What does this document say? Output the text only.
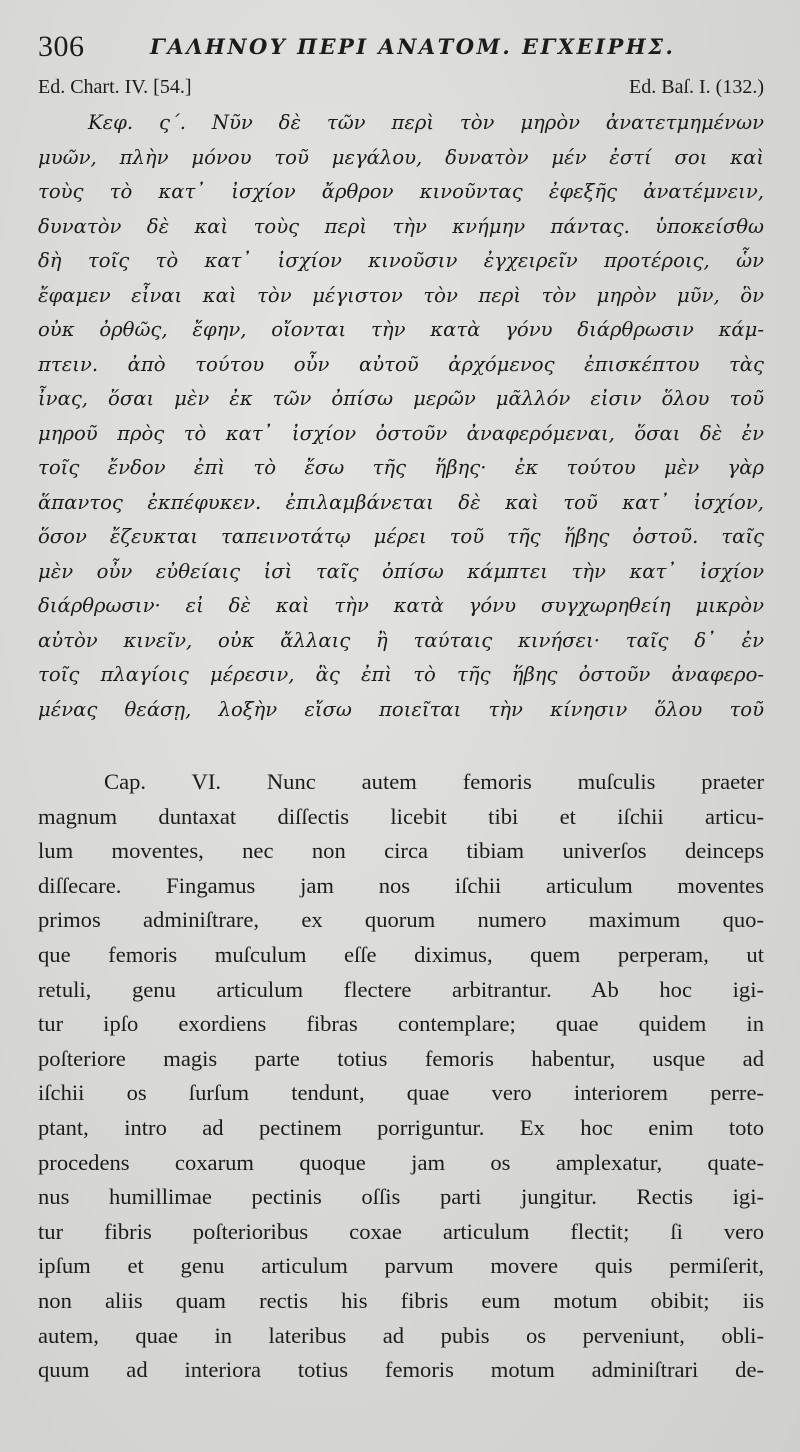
306	ΓΑΛΗΝΟΥ ΠΕΡΙ ΑΝΑΤΟΜ. ΕΓΧΕΙΡΗΣ.
Ed. Chart. IV. [54.]	Ed. Baſ. I. (132.)
Κεφ. ς΄. Νῦν δὲ τῶν περὶ τὸν μηρὸν ἀνατετμημένων
μυῶν, πλὴν μόνου τοῦ μεγάλου, δυνατὸν μέν ἐστί σοι καὶ
τοὺς τὸ κατ᾽ ἰσχίον ἄρθρον κινοῦντας ἐφεξῆς ἀνατέμνειν,
δυνατὸν δὲ καὶ τοὺς περὶ τὴν κνήμην πάντας. ὑποκείσθω
δὴ τοῖς τὸ κατ᾽ ἰσχίον κινοῦσιν ἐγχειρεῖν προτέροις, ὧν
ἔφαμεν εἶναι καὶ τὸν μέγιστον τὸν περὶ τὸν μηρὸν μῦν, ὃν
οὐκ ὀρθῶς, ἔφην, οἴονται τὴν κατὰ γόνυ διάρθρωσιν κάμ-
πτειν. ἀπὸ τούτου οὖν αὐτοῦ ἀρχόμενος ἐπισκέπτου τὰς
ἶνας, ὅσαι μὲν ἐκ τῶν ὀπίσω μερῶν μᾶλλόν εἰσιν ὅλου τοῦ
μηροῦ πρὸς τὸ κατ᾽ ἰσχίον ὀστοῦν ἀναφερόμεναι, ὅσαι δὲ ἐν
τοῖς ἔνδον ἐπὶ τὸ ἔσω τῆς ἥβης· ἐκ τούτου μὲν γὰρ
ἅπαντος ἐκπέφυκεν. ἐπιλαμβάνεται δὲ καὶ τοῦ κατ᾽ ἰσχίον,
ὅσον ἔζευκται ταπεινοτάτῳ μέρει τοῦ τῆς ἥβης ὀστοῦ. ταῖς
μὲν οὖν εὐθείαις ἰσὶ ταῖς ὀπίσω κάμπτει τὴν κατ᾽ ἰσχίον
διάρθρωσιν· εἰ δὲ καὶ τὴν κατὰ γόνυ συγχωρηθείη μικρὸν
αὐτὸν κινεῖν, οὐκ ἄλλαις ἢ ταύταις κινήσει· ταῖς δ᾽ ἐν
τοῖς πλαγίοις μέρεσιν, ἃς ἐπὶ τὸ τῆς ἥβης ὀστοῦν ἀναφερο-
μένας θεάσῃ, λοξὴν εἴσω ποιεῖται τὴν κίνησιν ὅλου τοῦ
Cap. VI. Nunc autem femoris muſculis praeter
magnum duntaxat diſſectis licebit tibi et iſchii articu-
lum moventes, nec non circa tibiam univerſos deinceps
diſſecare. Fingamus jam nos iſchii articulum moventes
primos adminiſtrare, ex quorum numero maximum quo-
que femoris muſculum eſſe diximus, quem perperam, ut
retuli, genu articulum flectere arbitrantur. Ab hoc igi-
tur ipſo exordiens fibras contemplare; quae quidem in
poſteriore magis parte totius femoris habentur, usque ad
iſchii os ſurſum tendunt, quae vero interiorem perre-
ptant, intro ad pectinem porriguntur. Ex hoc enim toto
procedens coxarum quoque jam os amplexatur, quate-
nus humillimae pectinis oſſis parti jungitur. Rectis igi-
tur fibris poſterioribus coxae articulum flectit; ſi vero
ipſum et genu articulum parvum movere quis permiſerit,
non aliis quam rectis his fibris eum motum obibit; iis
autem, quae in lateribus ad pubis os perveniunt, obli-
quum ad interiora totius femoris motum adminiſtrari de-
